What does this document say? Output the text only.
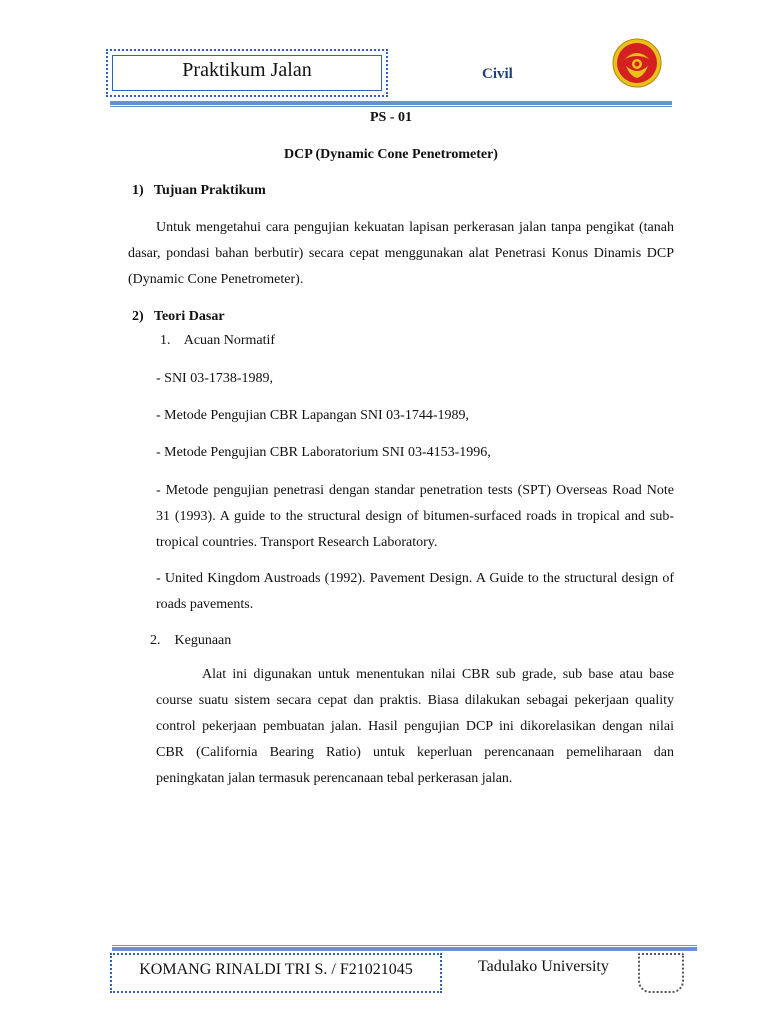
Praktikum Jalan	Civil
PS - 01
DCP (Dynamic Cone Penetrometer)
1)   Tujuan Praktikum
Untuk mengetahui cara pengujian kekuatan lapisan perkerasan jalan tanpa pengikat (tanah dasar, pondasi bahan berbutir) secara cepat menggunakan alat Penetrasi Konus Dinamis DCP (Dynamic Cone Penetrometer).
2)   Teori Dasar
1.    Acuan Normatif
- SNI 03-1738-1989,
- Metode Pengujian CBR Lapangan SNI 03-1744-1989,
- Metode Pengujian CBR Laboratorium SNI 03-4153-1996,
- Metode pengujian penetrasi dengan standar penetration tests (SPT) Overseas Road Note 31 (1993). A guide to the structural design of bitumen-surfaced roads in tropical and sub-tropical countries. Transport Research Laboratory.
- United Kingdom Austroads (1992). Pavement Design. A Guide to the structural design of roads pavements.
2.    Kegunaan
Alat ini digunakan untuk menentukan nilai CBR sub grade, sub base atau base course suatu sistem secara cepat dan praktis. Biasa dilakukan sebagai pekerjaan quality control pekerjaan pembuatan jalan. Hasil pengujian DCP ini dikorelasikan dengan nilai CBR (California Bearing Ratio) untuk keperluan perencanaan pemeliharaan dan peningkatan jalan termasuk perencanaan tebal perkerasan jalan.
KOMANG RINALDI TRI S. / F21021045	Tadulako University
